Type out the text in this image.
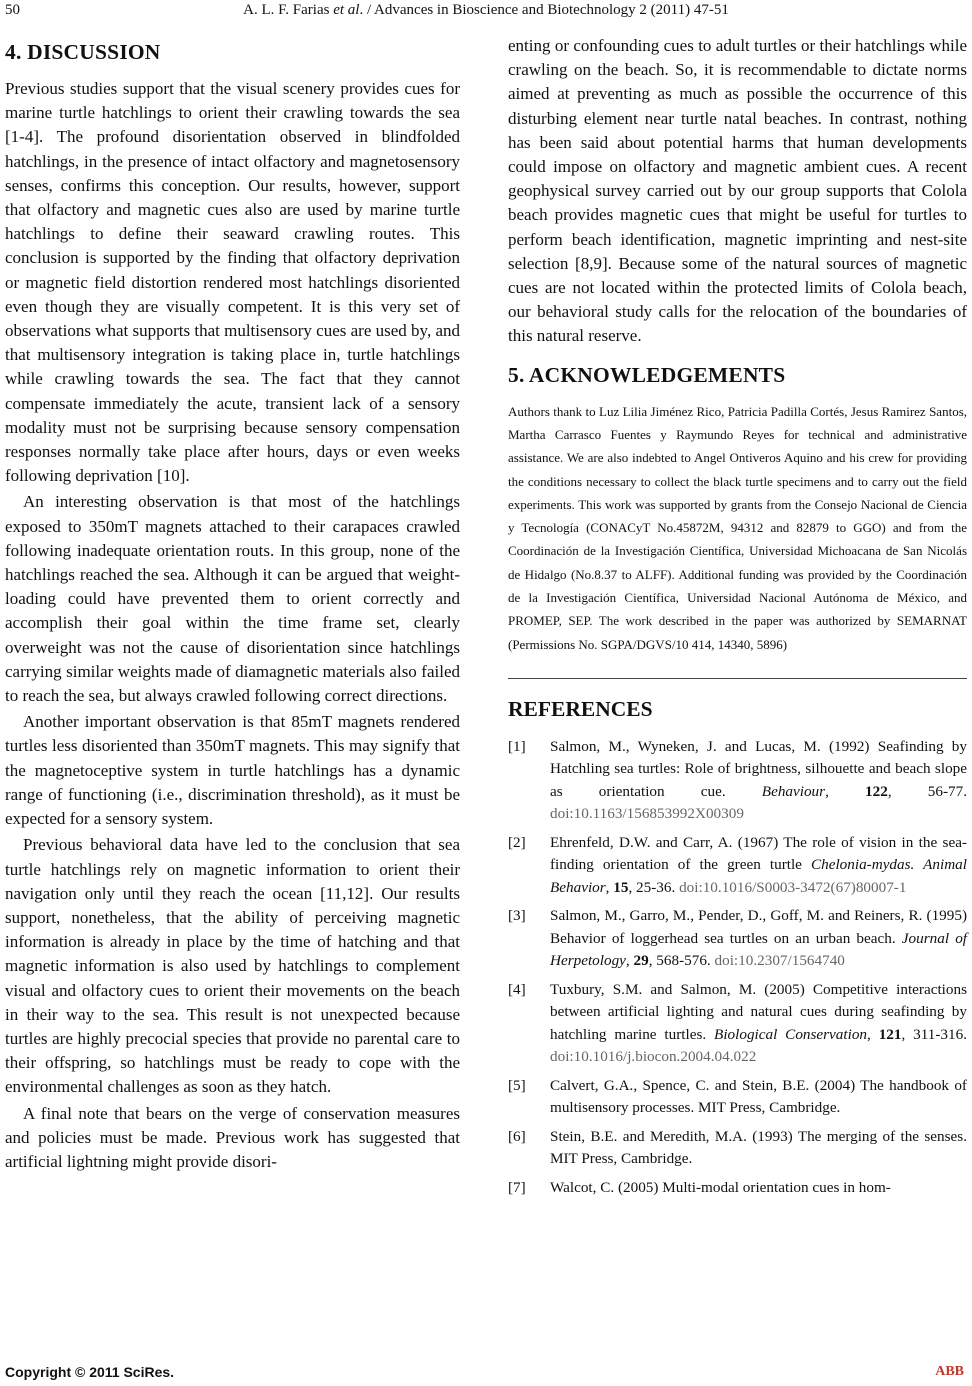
50	A. L. F. Farias et al. / Advances in Bioscience and Biotechnology 2 (2011) 47-51
4. DISCUSSION

Previous studies support that the visual scenery provides cues for marine turtle hatchlings to orient their crawling towards the sea [1-4]. The profound disorientation observed in blindfolded hatchlings, in the presence of intact olfactory and magnetosensory senses, confirms this conception. Our results, however, support that olfactory and magnetic cues also are used by marine turtle hatchlings to define their seaward crawling routes. This conclusion is supported by the finding that olfactory deprivation or magnetic field distortion rendered most hatchlings disoriented even though they are visually competent. It is this very set of observations what supports that multisensory cues are used by, and that multisensory integration is taking place in, turtle hatchlings while crawling towards the sea. The fact that they cannot compensate immediately the acute, transient lack of a sensory modality must not be surprising because sensory compensation responses normally take place after hours, days or even weeks following deprivation [10].

An interesting observation is that most of the hatchlings exposed to 350mT magnets attached to their carapaces crawled following inadequate orientation routs. In this group, none of the hatchlings reached the sea. Although it can be argued that weight-loading could have prevented them to orient correctly and accomplish their goal within the time frame set, clearly overweight was not the cause of disorientation since hatchlings carrying similar weights made of diamagnetic materials also failed to reach the sea, but always crawled following correct directions.

Another important observation is that 85mT magnets rendered turtles less disoriented than 350mT magnets. This may signify that the magnetoceptive system in turtle hatchlings has a dynamic range of functioning (i.e., discrimination threshold), as it must be expected for a sensory system.

Previous behavioral data have led to the conclusion that sea turtle hatchlings rely on magnetic information to orient their navigation only until they reach the ocean [11,12]. Our results support, nonetheless, that the ability of perceiving magnetic information is already in place by the time of hatching and that magnetic information is also used by hatchlings to complement visual and olfactory cues to orient their movements on the beach in their way to the sea. This result is not unexpected because turtles are highly precocial species that provide no parental care to their offspring, so hatchlings must be ready to cope with the environmental challenges as soon as they hatch.

A final note that bears on the verge of conservation measures and policies must be made. Previous work has suggested that artificial lightning might provide disori-

enting or confounding cues to adult turtles or their hatchlings while crawling on the beach. So, it is recommendable to dictate norms aimed at preventing as much as possible the occurrence of this disturbing element near turtle natal beaches. In contrast, nothing has been said about potential harms that human developments could impose on olfactory and magnetic ambient cues. A recent geophysical survey carried out by our group supports that Colola beach provides magnetic cues that might be useful for turtles to perform beach identification, magnetic imprinting and nest-site selection [8,9]. Because some of the natural sources of magnetic cues are not located within the protected limits of Colola beach, our behavioral study calls for the relocation of the boundaries of this natural reserve.

5. ACKNOWLEDGEMENTS

Authors thank to Luz Lilia Jiménez Rico, Patricia Padilla Cortés, Jesus Ramirez Santos, Martha Carrasco Fuentes y Raymundo Reyes for technical and administrative assistance. We are also indebted to Angel Ontiveros Aquino and his crew for providing the conditions necessary to collect the black turtle specimens and to carry out the field experiments. This work was supported by grants from the Consejo Nacional de Ciencia y Tecnología (CONACyT No.45872M, 94312 and 82879 to GGO) and from the Coordinación de la Investigación Científica, Universidad Michoacana de San Nicolás de Hidalgo (No.8.37 to ALFF). Additional funding was provided by the Coordinación de la Investigación Científica, Universidad Nacional Autónoma de México, and PROMEP, SEP. The work described in the paper was authorized by SEMARNAT (Permissions No. SGPA/DGVS/10 414, 14340, 5896)

REFERENCES
[1] Salmon, M., Wyneken, J. and Lucas, M. (1992) Seafinding by Hatchling sea turtles: Role of brightness, silhouette and beach slope as orientation cue. Behaviour, 122, 56-77. doi:10.1163/156853992X00309
[2] Ehrenfeld, D.W. and Carr, A. (1967) The role of vision in the sea-finding orientation of the green turtle Chelonia-mydas. Animal Behavior, 15, 25-36. doi:10.1016/S0003-3472(67)80007-1
[3] Salmon, M., Garro, M., Pender, D., Goff, M. and Reiners, R. (1995) Behavior of loggerhead sea turtles on an urban beach. Journal of Herpetology, 29, 568-576. doi:10.2307/1564740
[4] Tuxbury, S.M. and Salmon, M. (2005) Competitive interactions between artificial lighting and natural cues during seafinding by hatchling marine turtles. Biological Conservation, 121, 311-316. doi:10.1016/j.biocon.2004.04.022
[5] Calvert, G.A., Spence, C. and Stein, B.E. (2004) The handbook of multisensory processes. MIT Press, Cambridge.
[6] Stein, B.E. and Meredith, M.A. (1993) The merging of the senses. MIT Press, Cambridge.
[7] Walcot, C. (2005) Multi-modal orientation cues in hom-
Copyright © 2011 SciRes.	ABB
